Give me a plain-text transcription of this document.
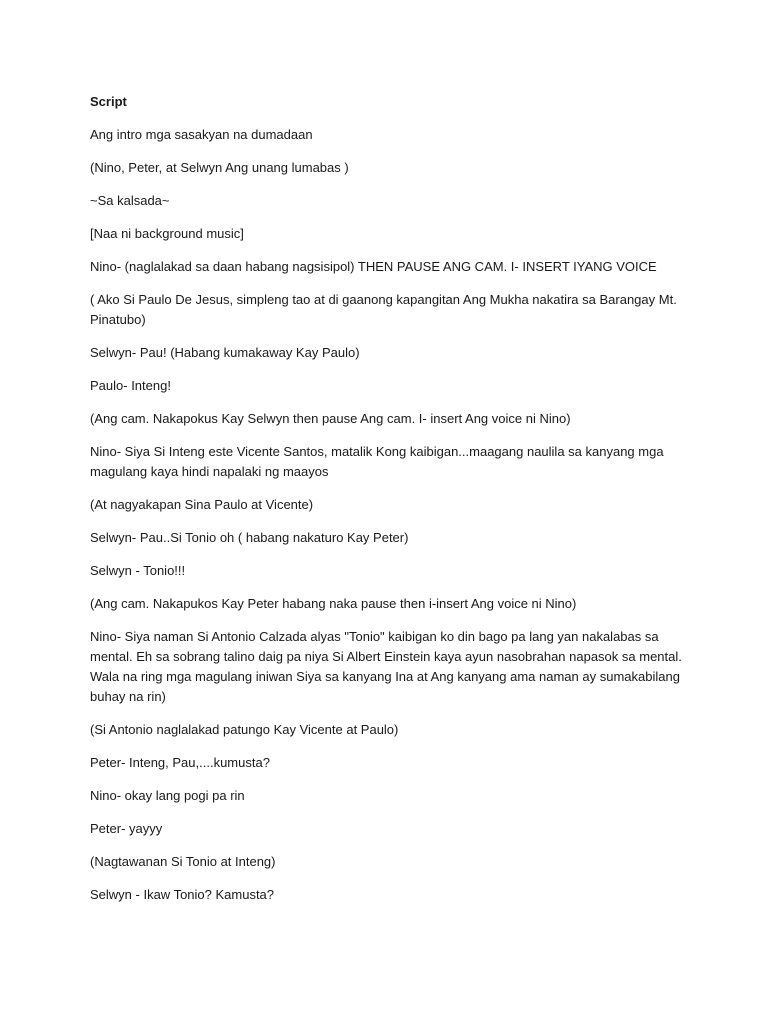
Script

Ang intro mga sasakyan na dumadaan

(Nino, Peter, at Selwyn Ang unang lumabas )

~Sa kalsada~

[Naa ni background music]

Nino- (naglalakad sa daan habang nagsisipol) THEN PAUSE ANG CAM. I- INSERT IYANG VOICE

( Ako Si Paulo De Jesus, simpleng tao at di gaanong kapangitan Ang Mukha nakatira sa Barangay Mt. Pinatubo)

Selwyn- Pau! (Habang kumakaway Kay Paulo)

Paulo- Inteng!

(Ang cam. Nakapokus Kay Selwyn then pause Ang cam. I- insert Ang voice ni Nino)

Nino- Siya Si Inteng este Vicente Santos, matalik Kong kaibigan...maagang naulila sa kanyang mga magulang kaya hindi napalaki ng maayos

(At nagyakapan Sina Paulo at Vicente)

Selwyn- Pau..Si Tonio oh ( habang nakaturo Kay Peter)

Selwyn - Tonio!!!

(Ang cam. Nakapukos Kay Peter habang naka pause then i-insert Ang voice ni Nino)

Nino- Siya naman Si Antonio Calzada alyas "Tonio" kaibigan ko din bago pa lang yan nakalabas sa mental. Eh sa sobrang talino daig pa niya Si Albert Einstein kaya ayun nasobrahan napasok sa mental. Wala na ring mga magulang iniwan Siya sa kanyang Ina at Ang kanyang ama naman ay sumakabilang buhay na rin)

(Si Antonio naglalakad patungo Kay Vicente at Paulo)

Peter- Inteng, Pau,....kumusta?

Nino- okay lang pogi pa rin

Peter- yayyy

(Nagtawanan Si Tonio at Inteng)

Selwyn - Ikaw Tonio? Kamusta?
